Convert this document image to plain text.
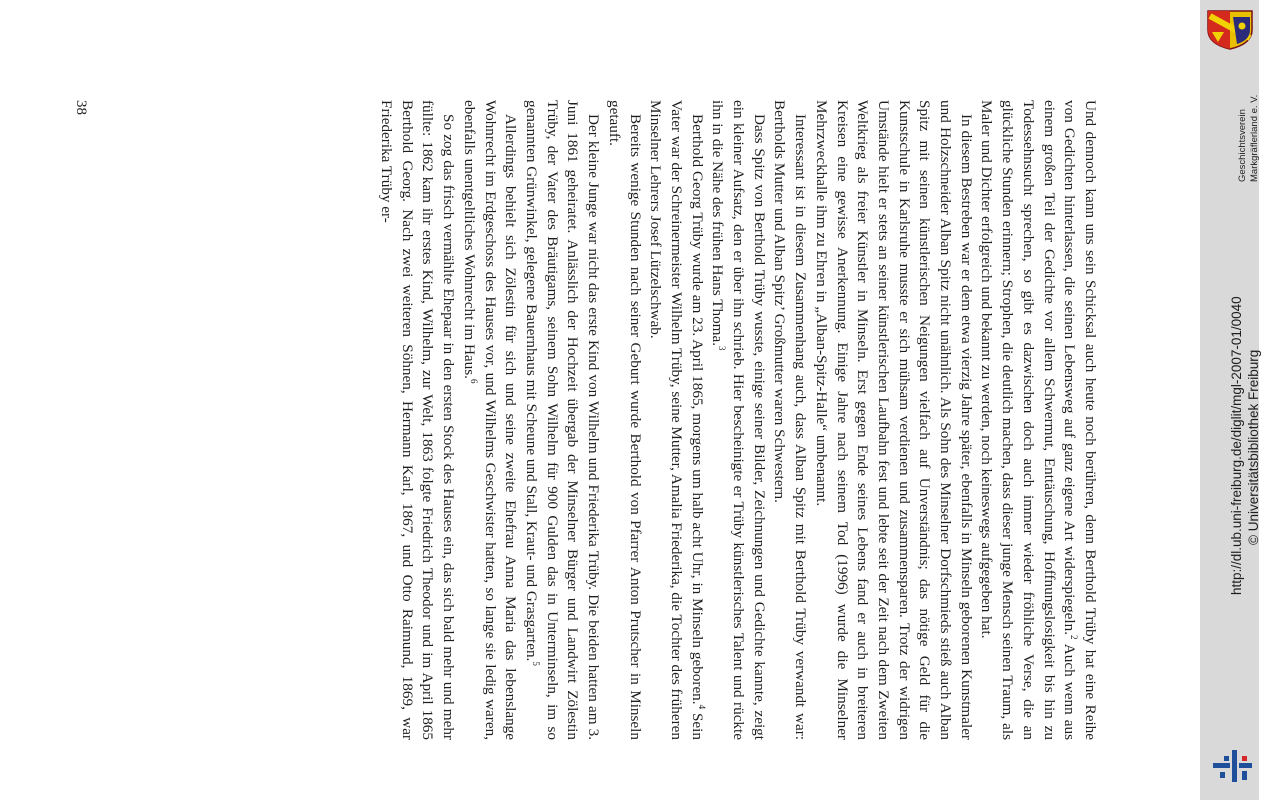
Und dennoch kann uns sein Schicksal auch heute noch berühren, denn Berthold Trüby hat eine Reihe von Gedichten hinterlassen, die seinen Lebensweg auf ganz eigene Art widerspiegeln.$^2$ Auch wenn aus einem großen Teil der Gedichte vor allem Schwermut, Enttäuschung, Hoffnungslosigkeit bis hin zu Todessehnsucht sprechen, so gibt es dazwischen doch auch immer wieder fröhliche Verse, die an glückliche Stunden erinnern; Strophen, die deutlich machen, dass dieser junge Mensch seinen Traum, als Maler und Dichter erfolgreich und bekannt zu werden, noch keineswegs aufgegeben hat.

In diesem Bestreben war er dem etwa vierzig Jahre später, ebenfalls in Minseln geborenen Kunstmaler und Holzschneider Alban Spitz nicht unähnlich. Als Sohn des Minselner Dorfschmieds stieß auch Alban Spitz mit seinen künstlerischen Neigungen vielfach auf Unverständnis; das nötige Geld für die Kunstschule in Karlsruhe musste er sich mühsam verdienen und zusammensparen. Trotz der widrigen Umstände hielt er stets an seiner künstlerischen Laufbahn fest und lebte seit der Zeit nach dem Zweiten Weltkrieg als freier Künstler in Minseln. Erst gegen Ende seines Lebens fand er auch in breiteren Kreisen eine gewisse Anerkennung. Einige Jahre nach seinem Tod (1996) wurde die Minselner Mehrzweckhalle ihm zu Ehren in „Alban-Spitz-Halle“ umbenannt.

Interessant ist in diesem Zusammenhang auch, dass Alban Spitz mit Berthold Trüby verwandt war: Bertholds Mutter und Alban Spitz’ Großmutter waren Schwestern.

Dass Spitz von Berthold Trüby wusste, einige seiner Bilder, Zeichnungen und Gedichte kannte, zeigt ein kleiner Aufsatz, den er über ihn schrieb. Hier bescheinigte er Trüby künstlerisches Talent und rückte ihn in die Nähe des frühen Hans Thoma.$^3$

Berthold Georg Trüby wurde am 23. April 1865, morgens um halb acht Uhr, in Minseln geboren.$^4$ Sein Vater war der Schreinermeister Wilhelm Trüby, seine Mutter, Amalia Friederika, die Tochter des früheren Minselner Lehrers Josef Lützelschwab.

Bereits wenige Stunden nach seiner Geburt wurde Berthold von Pfarrer Anton Prutscher in Minseln getauft.

Der kleine Junge war nicht das erste Kind von Wilhelm und Friederika Trüby. Die beiden hatten am 3. Juni 1861 geheiratet. Anlässlich der Hochzeit übergab der Minselner Bürger und Landwirt Zölestin Trüby, der Vater des Bräutigams, seinem Sohn Wilhelm für 900 Gulden das in Unterminseln, im so genannten Grünwinkel, gelegene Bauernhaus mit Scheune und Stall, Kraut- und Grasgarten.$^5$

Allerdings behielt sich Zölestin für sich und seine zweite Ehefrau Anna Maria das lebenslange Wohnrecht im Erdgeschoss des Hauses vor, und Wilhelms Geschwister hatten, so lange sie ledig waren, ebenfalls unentgeltliches Wohnrecht im Haus.$^6$

So zog das frisch vermählte Ehepaar in den ersten Stock des Hauses ein, das sich bald mehr und mehr füllte: 1862 kam ihr erstes Kind, Wilhelm, zur Welt, 1863 folgte Friedrich Theodor und im April 1865 Berthold Georg. Nach zwei weiteren Söhnen, Hermann Karl, 1867, und Otto Raimund, 1869, war Friederika Trüby er-

38
Geschichtsverein Markgräflerland e. V.
http://dl.ub.uni-freiburg.de/diglit/mgl-2007-01/0040 © Universitätsbibliothek Freiburg
